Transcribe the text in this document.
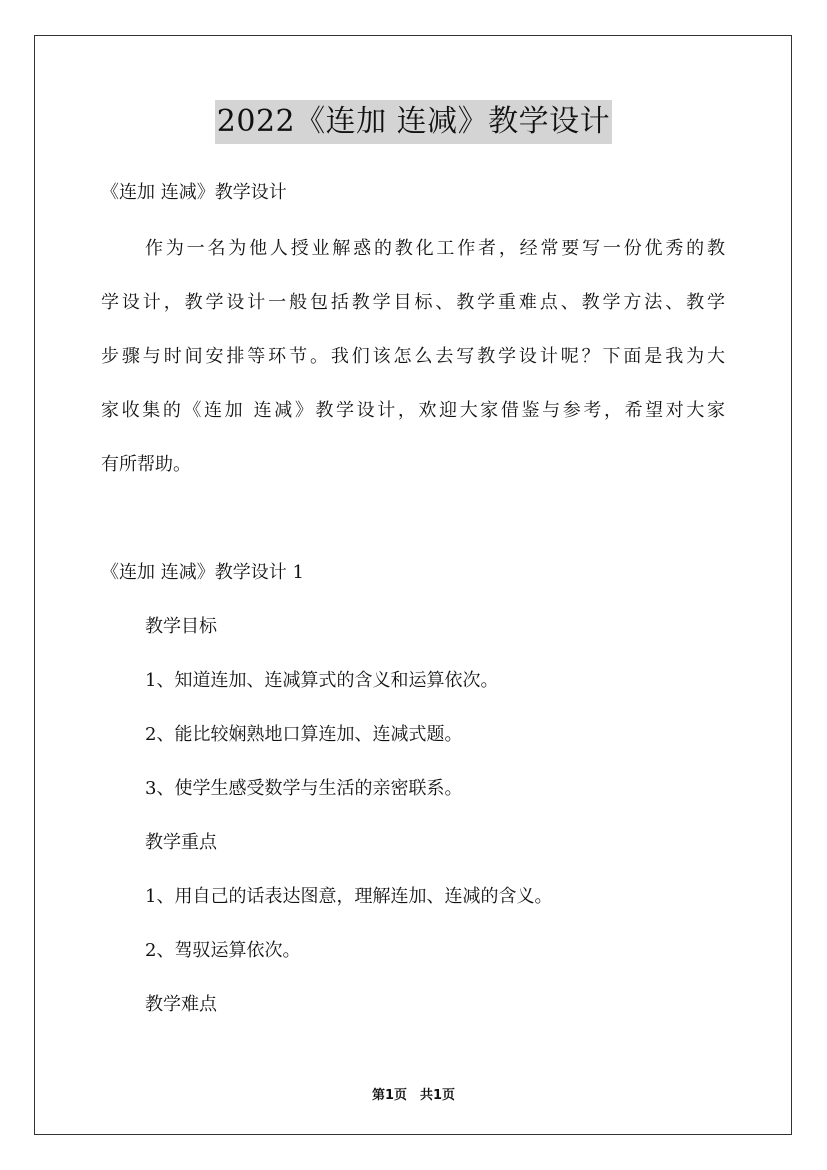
2022《连加 连减》教学设计

《连加 连减》教学设计

作为一名为他人授业解惑的教化工作者，经常要写一份优秀的教

学设计，教学设计一般包括教学目标、教学重难点、教学方法、教学

步骤与时间安排等环节。我们该怎么去写教学设计呢？下面是我为大

家收集的《连加 连减》教学设计，欢迎大家借鉴与参考，希望对大家

有所帮助。

《连加 连减》教学设计 1

教学目标

1、知道连加、连减算式的含义和运算依次。

2、能比较娴熟地口算连加、连减式题。

3、使学生感受数学与生活的亲密联系。

教学重点

1、用自己的话表达图意，理解连加、连减的含义。

2、驾驭运算依次。

教学难点

第1页　共1页
